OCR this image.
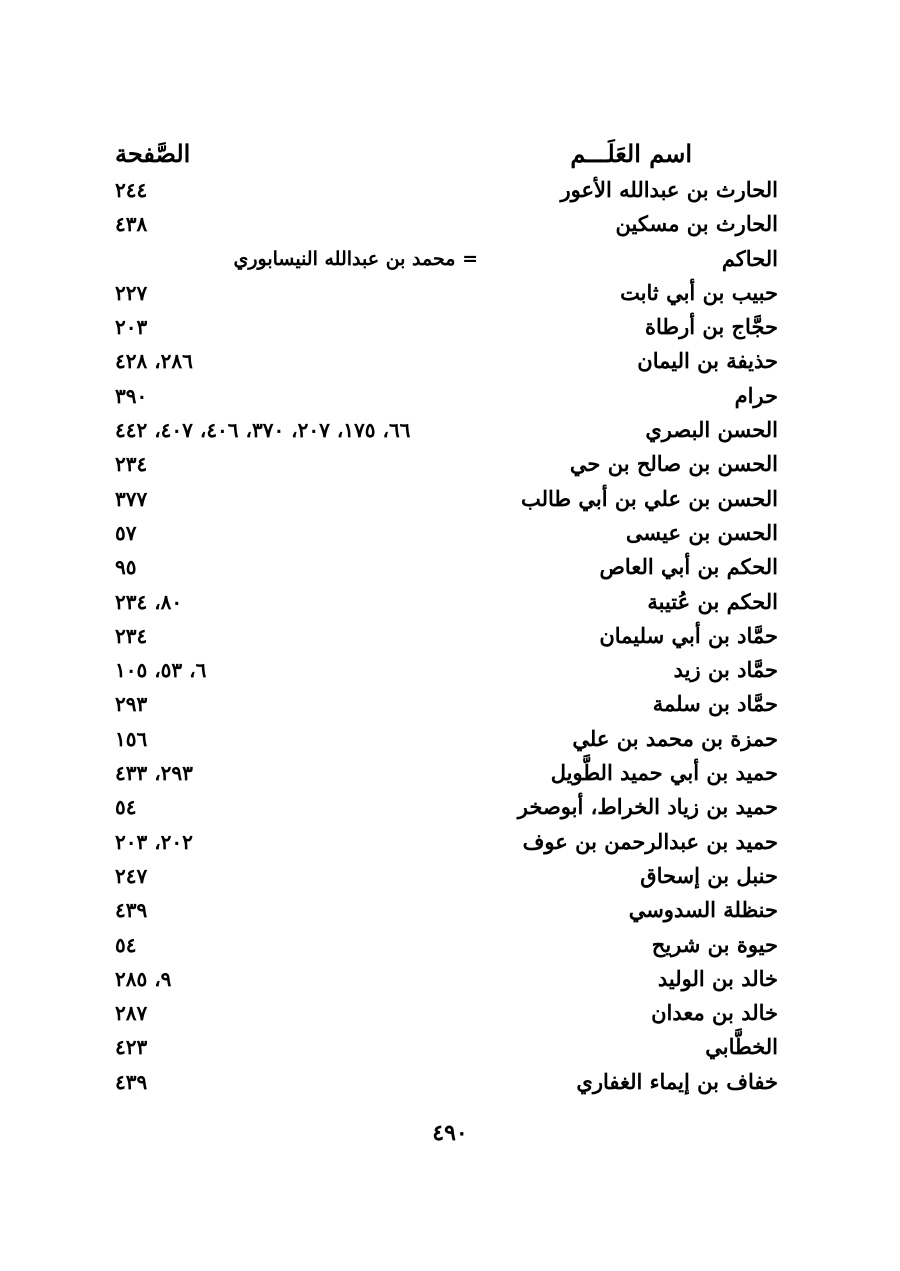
اسم العَلَـــم
الصَّفحة
الحارث بن عبدالله الأعور
٢٤٤
الحارث بن مسكين
٤٣٨
الحاكم
= محمد بن عبدالله النيسابوري
حبيب بن أبي ثابت
٢٢٧
حجَّاج بن أرطاة
٢٠٣
حذيفة بن اليمان
٢٨٦، ٤٢٨
حرام
٣٩٠
الحسن البصري
٦٦، ١٧٥، ٢٠٧، ٣٧٠، ٤٠٦، ٤٠٧، ٤٤٢
الحسن بن صالح بن حي
٢٣٤
الحسن بن علي بن أبي طالب
٣٧٧
الحسن بن عيسى
٥٧
الحكم بن أبي العاص
٩٥
الحكم بن عُتيبة
٨٠، ٢٣٤
حمَّاد بن أبي سليمان
٢٣٤
حمَّاد بن زيد
٦، ٥٣، ١٠٥
حمَّاد بن سلمة
٢٩٣
حمزة بن محمد بن علي
١٥٦
حميد بن أبي حميد الطَّويل
٢٩٣، ٤٣٣
حميد بن زياد الخراط، أبوصخر
٥٤
حميد بن عبدالرحمن بن عوف
٢٠٢، ٢٠٣
حنبل بن إسحاق
٢٤٧
حنظلة السدوسي
٤٣٩
حيوة بن شريح
٥٤
خالد بن الوليد
٩، ٢٨٥
خالد بن معدان
٢٨٧
الخطَّابي
٤٢٣
خفاف بن إيماء الغفاري
٤٣٩
٤٩٠
